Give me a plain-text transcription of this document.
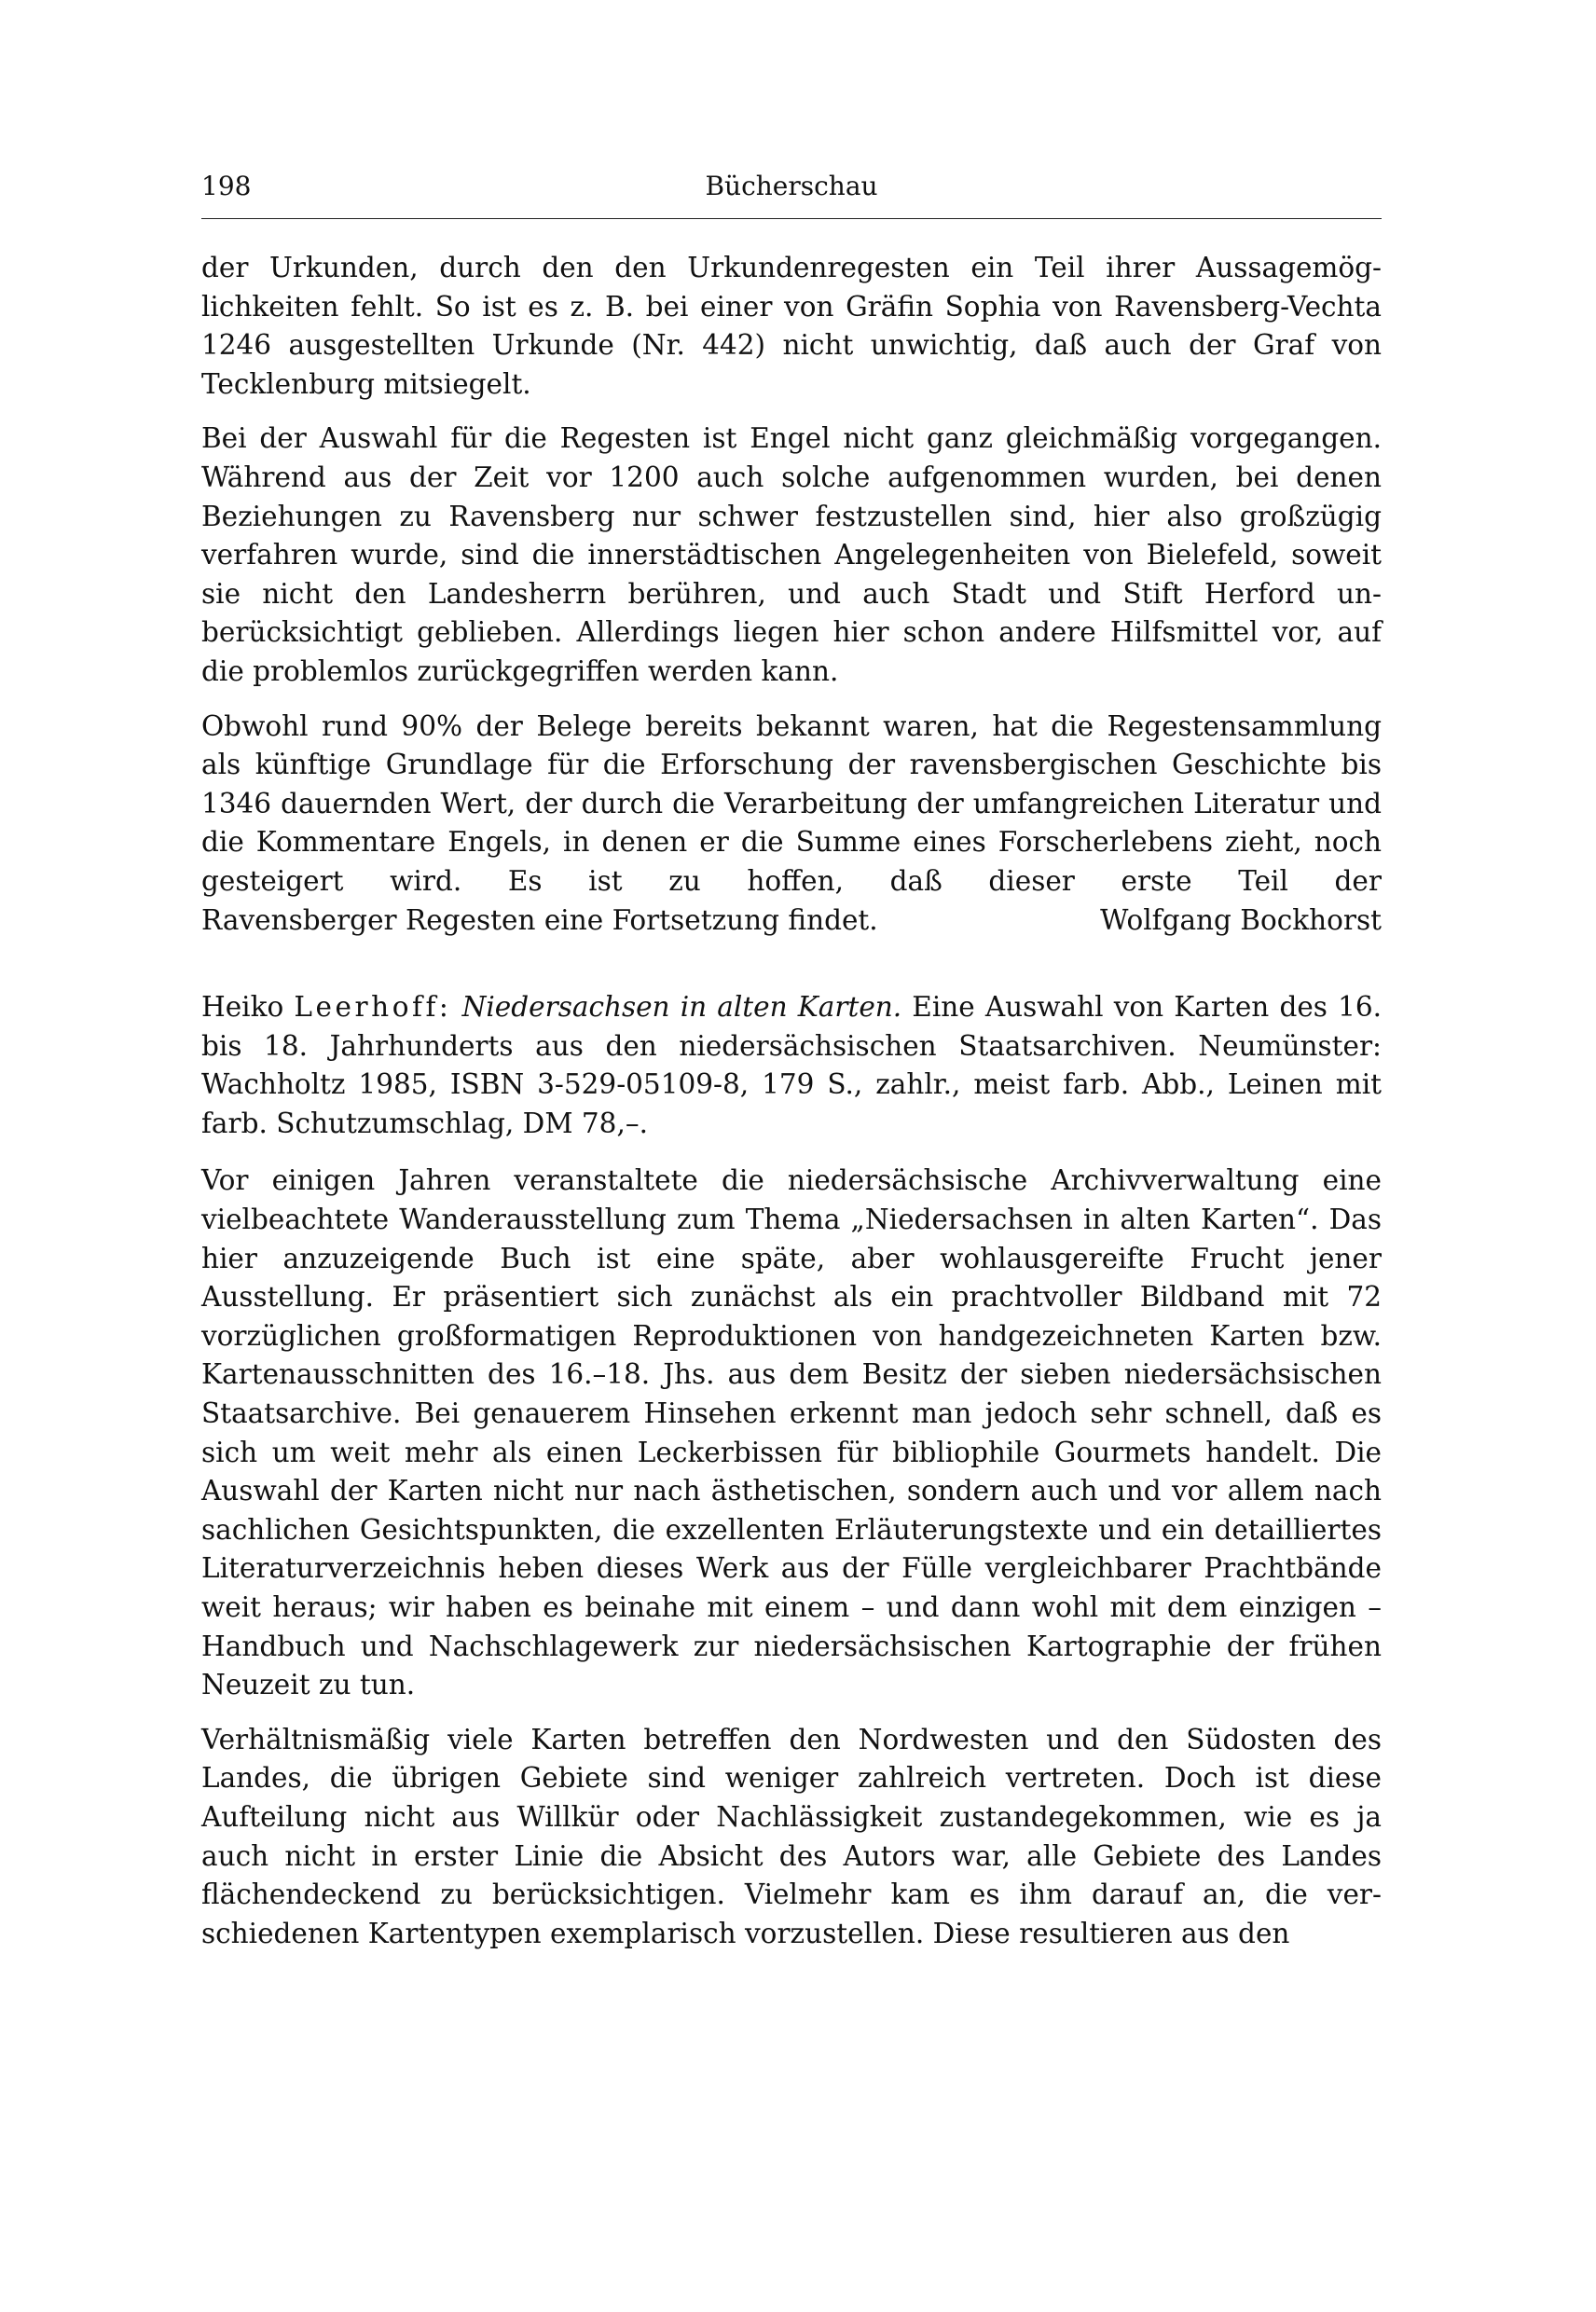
198	Bücherschau

der Urkunden, durch den den Urkundenregesten ein Teil ihrer Aussagemöglichkeiten fehlt. So ist es z. B. bei einer von Gräfin Sophia von Ravensberg-Vechta 1246 ausgestellten Urkunde (Nr. 442) nicht unwichtig, daß auch der Graf von Tecklenburg mitsiegelt.

Bei der Auswahl für die Regesten ist Engel nicht ganz gleichmäßig vorgegangen. Während aus der Zeit vor 1200 auch solche aufgenommen wurden, bei denen Beziehungen zu Ravensberg nur schwer festzustellen sind, hier also großzügig verfahren wurde, sind die innerstädtischen Angelegenheiten von Bielefeld, soweit sie nicht den Landesherrn berühren, und auch Stadt und Stift Herford unberücksichtigt geblieben. Allerdings liegen hier schon andere Hilfsmittel vor, auf die problemlos zurückgegriffen werden kann.

Obwohl rund 90% der Belege bereits bekannt waren, hat die Regestensammlung als künftige Grundlage für die Erforschung der ravensbergischen Geschichte bis 1346 dauernden Wert, der durch die Verarbeitung der umfangreichen Literatur und die Kommentare Engels, in denen er die Summe eines Forscherlebens zieht, noch gesteigert wird. Es ist zu hoffen, daß dieser erste Teil der
Ravensberger Regesten eine Fortsetzung findet.	Wolfgang Bockhorst

Heiko Leerhoff: Niedersachsen in alten Karten. Eine Auswahl von Karten des 16. bis 18. Jahrhunderts aus den niedersächsischen Staatsarchiven. Neumünster: Wachholtz 1985, ISBN 3-529-05109-8, 179 S., zahlr., meist farb. Abb., Leinen mit farb. Schutzumschlag, DM 78,–.

Vor einigen Jahren veranstaltete die niedersächsische Archivverwaltung eine vielbeachtete Wanderausstellung zum Thema „Niedersachsen in alten Karten“. Das hier anzuzeigende Buch ist eine späte, aber wohlausgereifte Frucht jener Ausstellung. Er präsentiert sich zunächst als ein prachtvoller Bildband mit 72 vorzüglichen großformatigen Reproduktionen von handgezeichneten Karten bzw. Kartenausschnitten des 16.–18. Jhs. aus dem Besitz der sieben niedersächsischen Staatsarchive. Bei genauerem Hinsehen erkennt man jedoch sehr schnell, daß es sich um weit mehr als einen Leckerbissen für bibliophile Gourmets handelt. Die Auswahl der Karten nicht nur nach ästhetischen, sondern auch und vor allem nach sachlichen Gesichtspunkten, die exzellenten Erläuterungstexte und ein detailliertes Literaturverzeichnis heben dieses Werk aus der Fülle vergleichbarer Prachtbände weit heraus; wir haben es beinahe mit einem – und dann wohl mit dem einzigen – Handbuch und Nachschlagewerk zur niedersächsischen Kartographie der frühen Neuzeit zu tun.

Verhältnismäßig viele Karten betreffen den Nordwesten und den Südosten des Landes, die übrigen Gebiete sind weniger zahlreich vertreten. Doch ist diese Aufteilung nicht aus Willkür oder Nachlässigkeit zustandegekommen, wie es ja auch nicht in erster Linie die Absicht des Autors war, alle Gebiete des Landes flächendeckend zu berücksichtigen. Vielmehr kam es ihm darauf an, die verschiedenen Kartentypen exemplarisch vorzustellen. Diese resultieren aus den
